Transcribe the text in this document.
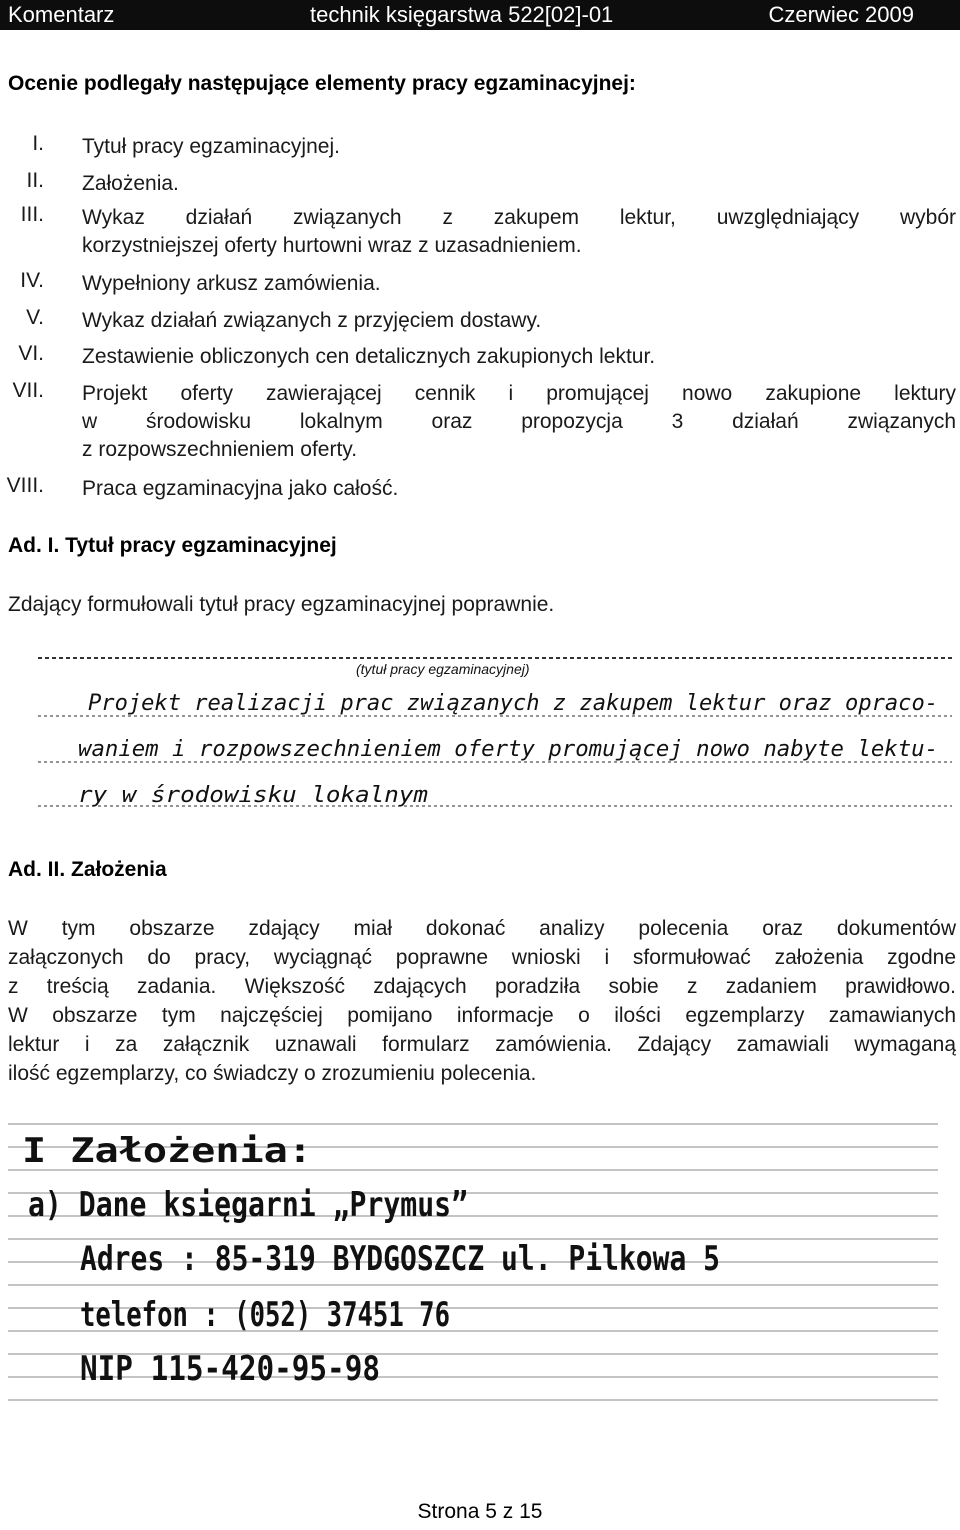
Komentarz	technik księgarstwa 522[02]-01	Czerwiec 2009
Ocenie podlegały następujące elementy pracy egzaminacyjnej:
I. Tytuł pracy egzaminacyjnej.
II. Założenia.
III. Wykaz działań związanych z zakupem lektur, uwzględniający wybór
korzystniejszej oferty hurtowni wraz z uzasadnieniem.
IV. Wypełniony arkusz zamówienia.
V. Wykaz działań związanych z przyjęciem dostawy.
VI. Zestawienie obliczonych cen detalicznych zakupionych lektur.
VII. Projekt oferty zawierającej cennik i promującej nowo zakupione lektury
w środowisku lokalnym oraz propozycja 3 działań związanych
z rozpowszechnieniem oferty.
VIII. Praca egzaminacyjna jako całość.
Ad. I. Tytuł pracy egzaminacyjnej
Zdający formułowali tytuł pracy egzaminacyjnej poprawnie.
(tytuł pracy egzaminacyjnej)
Projekt realizacji prac związanych z zakupem lektur oraz opraco-
waniem i rozpowszechnieniem oferty promującej nowo nabyte lektu-
ry w środowisku lokalnym
Ad. II. Założenia
W tym obszarze zdający miał dokonać analizy polecenia oraz dokumentów
załączonych do pracy, wyciągnąć poprawne wnioski i sformułować założenia zgodne
z treścią zadania. Większość zdających poradziła sobie z zadaniem prawidłowo.
W obszarze tym najczęściej pomijano informacje o ilości egzemplarzy zamawianych
lektur i za załącznik uznawali formularz zamówienia. Zdający zamawiali wymaganą
ilość egzemplarzy, co świadczy o zrozumieniu polecenia.
I Założenia:
a) Dane księgarni „Prymus”
Adres : 85-319 BYDGOSZCZ ul. Pilkowa 5
telefon : (052) 37451 76
NIP 115-420-95-98
Strona 5 z 15
